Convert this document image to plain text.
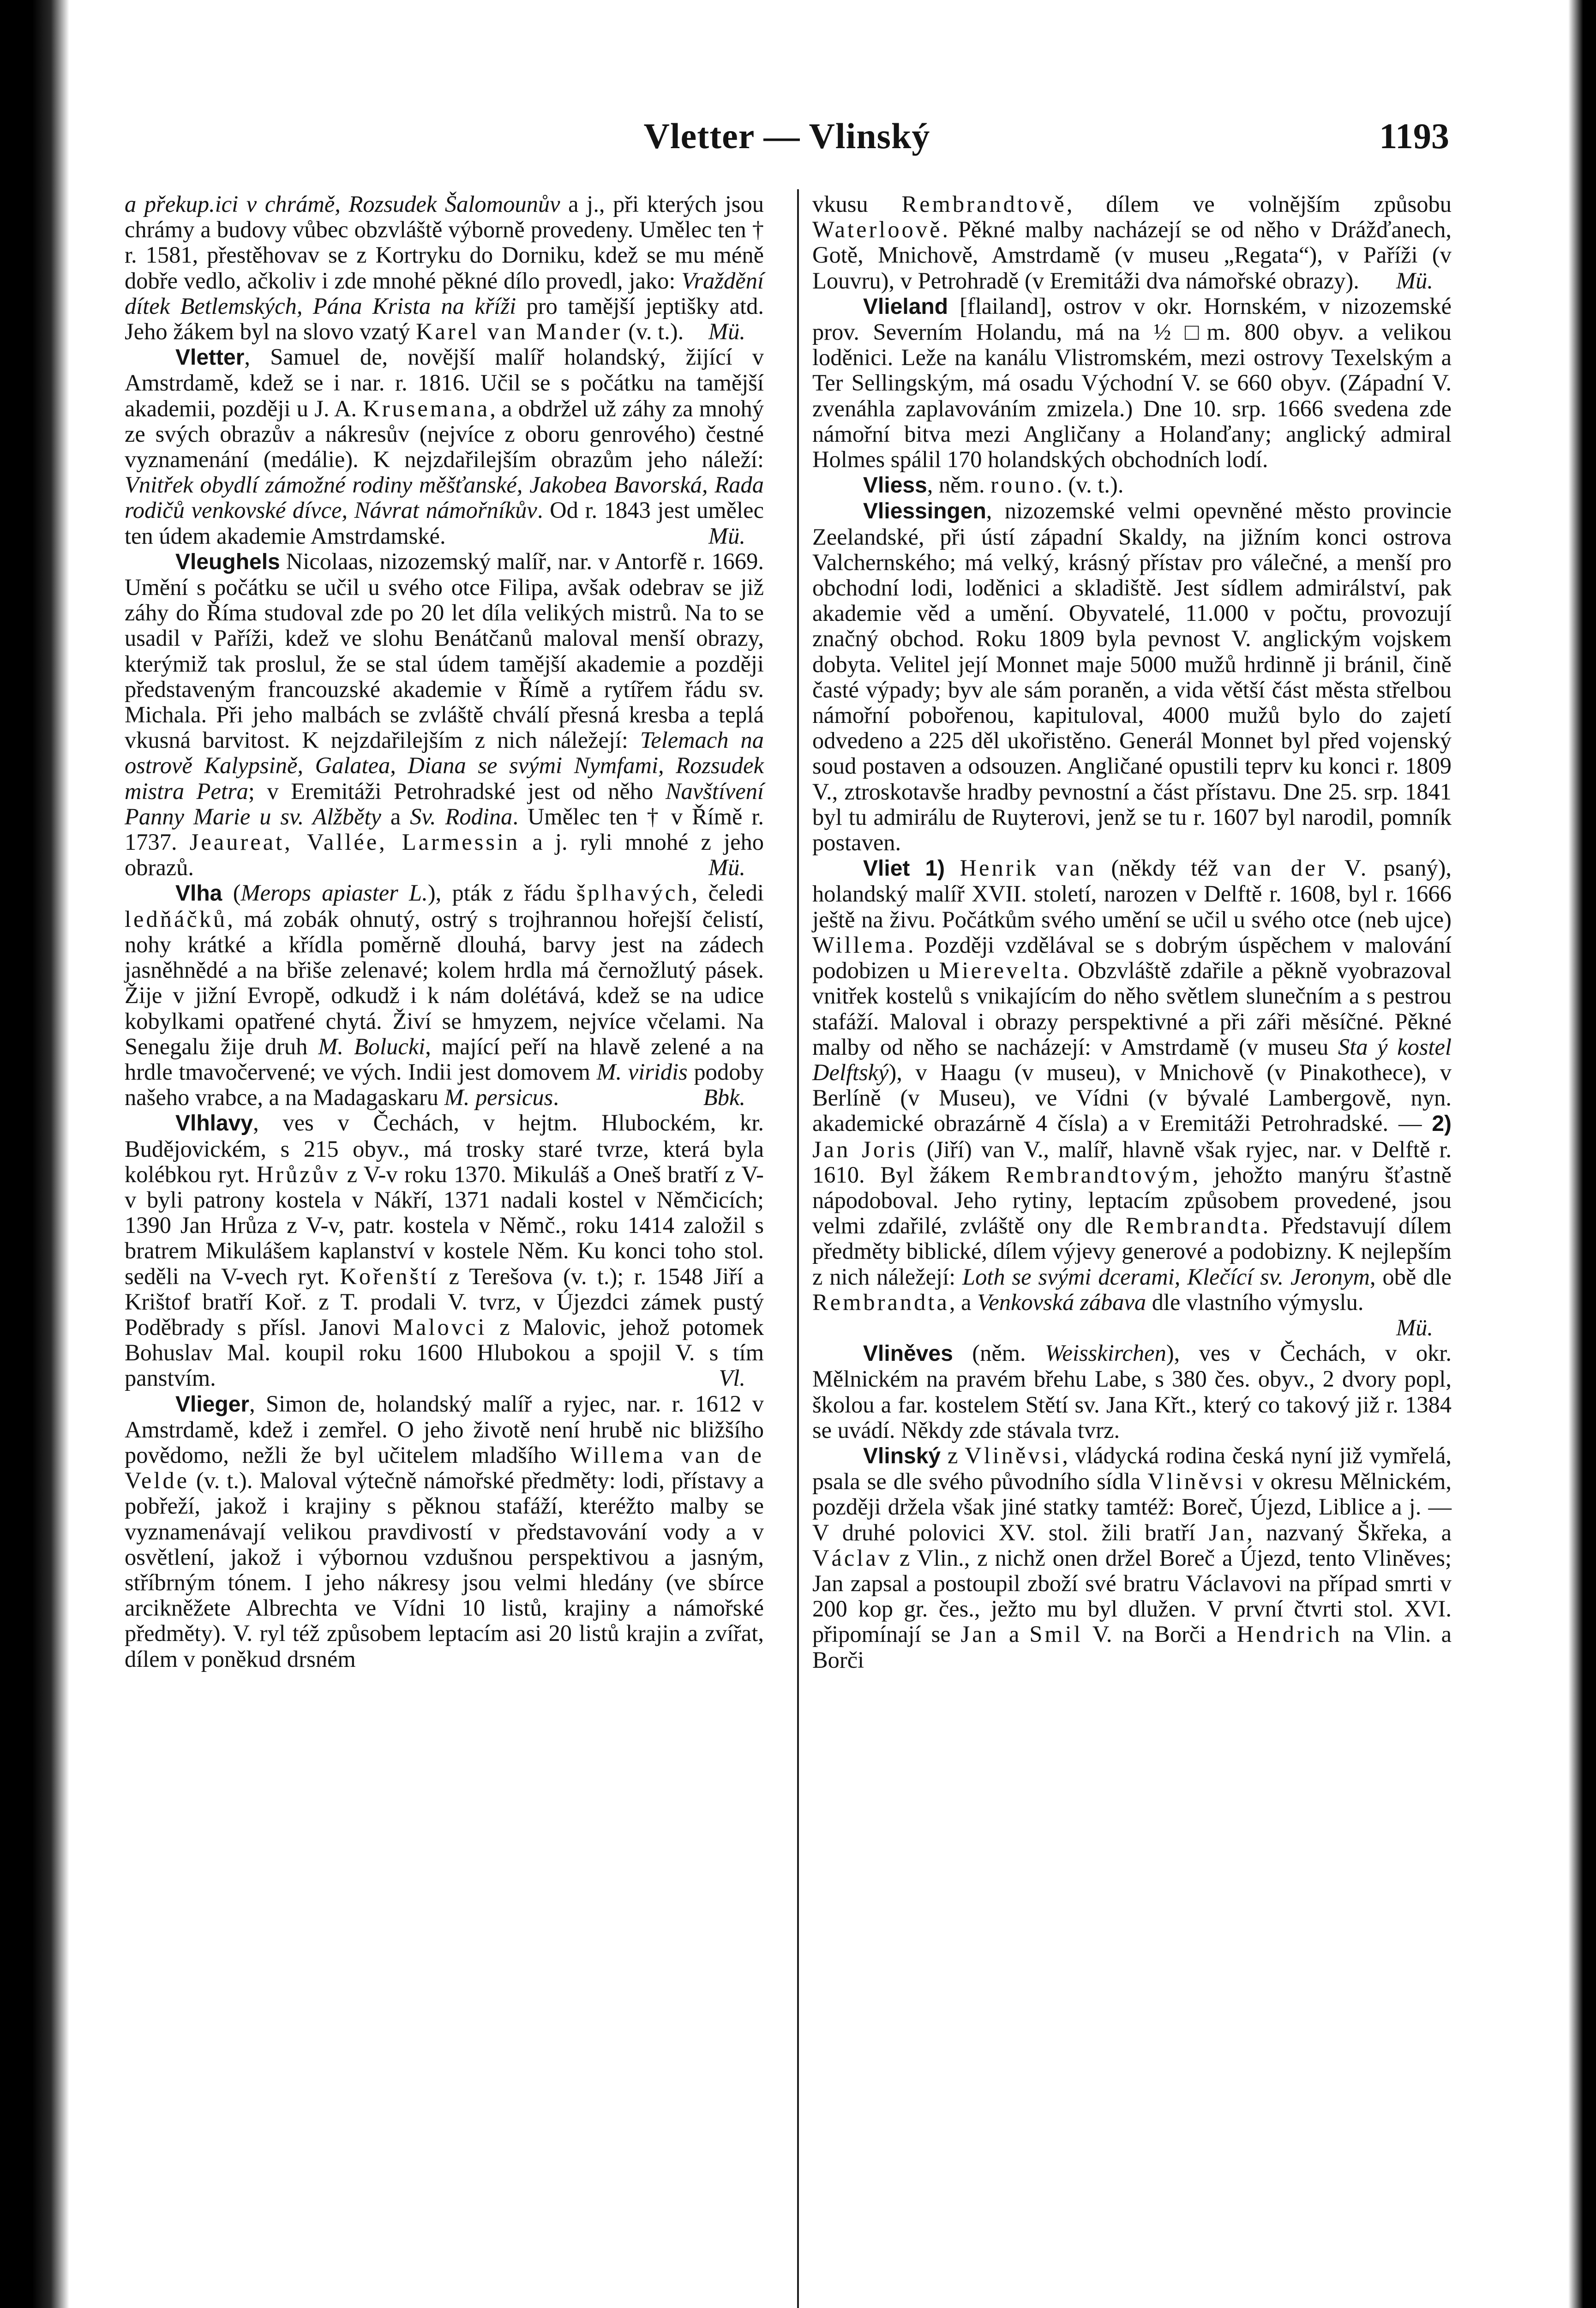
Vletter — Vlinský	1193

a překup.ici v chrámě, Rozsudek Šalomounův a j., při kterých jsou chrámy a budovy vůbec obzvláště výborně provedeny. Umělec ten † r. 1581, přestěhovav se z Kortryku do Dorniku, kdež se mu méně dobře vedlo, ačkoliv i zde mnohé pěkné dílo provedl, jako: Vraždění dítek Betlemských, Pána Krista na kříži pro tamější jeptišky atd. Jeho žákem byl na slovo vzatý Karel van Mander (v. t.).	Mü.

Vletter, Samuel de, novější malíř holandský, žijící v Amstrdamě, kdež se i nar. r. 1816. Učil se s počátku na tamější akademii, později u J. A. Krusemana, a obdržel už záhy za mnohý ze svých obrazův a nákresův (nejvíce z oboru genrového) čestné vyznamenání (medálie). K nejzdařilejším obrazům jeho náleží: Vnitřek obydlí zámožné rodiny měšťanské, Jakobea Bavorská, Rada rodičů venkovské dívce, Návrat námořníkův. Od r. 1843 jest umělec ten údem akademie Amstrdamské.	Mü.

Vleughels Nicolaas, nizozemský malíř, nar. v Antorfě r. 1669. Umění s počátku se učil u svého otce Filipa, avšak odebrav se již záhy do Říma studoval zde po 20 let díla velikých mistrů. Na to se usadil v Paříži, kdež ve slohu Benátčanů maloval menší obrazy, kterýmiž tak proslul, že se stal údem tamější akademie a později představeným francouzské akademie v Římě a rytířem řádu sv. Michala. Při jeho malbách se zvláště chválí přesná kresba a teplá vkusná barvitost. K nejzdařilejším z nich náležejí: Telemach na ostrově Kalypsině, Galatea, Diana se svými Nymfami, Rozsudek mistra Petra; v Eremitáži Petrohradské jest od něho Navštívení Panny Marie u sv. Alžběty a Sv. Rodina. Umělec ten † v Římě r. 1737. Jeaureat, Vallée, Larmessin a j. ryli mnohé z jeho obrazů.	Mü.

Vlha (Merops apiaster L.), pták z řádu šplhavých, čeledi ledňáčků, má zobák ohnutý, ostrý s trojhrannou hořejší čelistí, nohy krátké a křídla poměrně dlouhá, barvy jest na zádech jasněhnědé a na břiše zelenavé; kolem hrdla má černožlutý pásek. Žije v jižní Evropě, odkudž i k nám dolétává, kdež se na udice kobylkami opatřené chytá. Živí se hmyzem, nejvíce včelami. Na Senegalu žije druh M. Bolucki, mající peří na hlavě zelené a na hrdle tmavočervené; ve vých. Indii jest domovem M. viridis podoby našeho vrabce, a na Madagaskaru M. persicus.	Bbk.

Vlhlavy, ves v Čechách, v hejtm. Hlubockém, kr. Budějovickém, s 215 obyv., má trosky staré tvrze, která byla kolébkou ryt. Hrůzův z V-v roku 1370. Mikuláš a Oneš bratří z V-v byli patrony kostela v Nákří, 1371 nadali kostel v Němčicích; 1390 Jan Hrůza z V-v, patr. kostela v Němč., roku 1414 založil s bratrem Mikulášem kaplanství v kostele Něm. Ku konci toho stol. seděli na V-vech ryt. Kořenští z Terešova (v. t.); r. 1548 Jiří a Krištof bratří Koř. z T. prodali V. tvrz, v Újezdci zámek pustý Poděbrady s přísl. Janovi Malovci z Malovic, jehož potomek Bohuslav Mal. koupil roku 1600 Hlubokou a spojil V. s tím panstvím.	Vl.

Vlieger, Simon de, holandský malíř a ryjec, nar. r. 1612 v Amstrdamě, kdež i zemřel. O jeho životě není hrubě nic bližšího povědomo, nežli že byl učitelem mladšího Willema van de Velde (v. t.). Maloval výtečně námořské předměty: lodi, přístavy a pobřeží, jakož i krajiny s pěknou stafáží, kteréžto malby se vyznamenávají velikou pravdivostí v představování vody a v osvětlení, jakož i výbornou vzdušnou perspektivou a jasným, stříbrným tónem. I jeho nákresy jsou velmi hledány (ve sbírce arcikněžete Albrechta ve Vídni 10 listů, krajiny a námořské předměty). V. ryl též způsobem leptacím asi 20 listů krajin a zvířat, dílem v poněkud drsném

vkusu Rembrandtově, dílem ve volnějším způsobu Waterloově. Pěkné malby nacházejí se od něho v Drážďanech, Gotě, Mnichově, Amstrdamě (v museu „Regata“), v Paříži (v Louvru), v Petrohradě (v Eremitáži dva námořské obrazy).	Mü.

Vlieland [flailand], ostrov v okr. Hornském, v nizozemské prov. Severním Holandu, má na ½ □m. 800 obyv. a velikou loděnici. Leže na kanálu Vlistromském, mezi ostrovy Texelským a Ter Sellingským, má osadu Východní V. se 660 obyv. (Západní V. zvenáhla zaplavováním zmizela.) Dne 10. srp. 1666 svedena zde námořní bitva mezi Angličany a Holanďany; anglický admiral Holmes spálil 170 holandských obchodních lodí.

Vliess, něm. rouno. (v. t.).

Vliessingen, nizozemské velmi opevněné město provincie Zeelandské, při ústí západní Skaldy, na jižním konci ostrova Valchernského; má velký, krásný přístav pro válečné, a menší pro obchodní lodi, loděnici a skladiště. Jest sídlem admirálství, pak akademie věd a umění. Obyvatelé, 11.000 v počtu, provozují značný obchod. Roku 1809 byla pevnost V. anglickým vojskem dobyta. Velitel její Monnet maje 5000 mužů hrdinně ji bránil, čině časté výpady; byv ale sám poraněn, a vida větší část města střelbou námořní pobořenou, kapituloval, 4000 mužů bylo do zajetí odvedeno a 225 děl ukořistěno. Generál Monnet byl před vojenský soud postaven a odsouzen. Angličané opustili teprv ku konci r. 1809 V., ztroskotavše hradby pevnostní a část přístavu. Dne 25. srp. 1841 byl tu admirálu de Ruyterovi, jenž se tu r. 1607 byl narodil, pomník postaven.

Vliet 1) Henrik van (někdy též van der V. psaný), holandský malíř XVII. století, narozen v Delftě r. 1608, byl r. 1666 ještě na živu. Počátkům svého umění se učil u svého otce (neb ujce) Willema. Později vzdělával se s dobrým úspěchem v malování podobizen u Mierevelta. Obzvláště zdařile a pěkně vyobrazoval vnitřek kostelů s vnikajícím do něho světlem slunečním a s pestrou stafáží. Maloval i obrazy perspektivné a při záři měsíčné. Pěkné malby od něho se nacházejí: v Amstrdamě (v museu Sta ý kostel Delftský), v Haagu (v museu), v Mnichově (v Pinakothece), v Berlíně (v Museu), ve Vídni (v bývalé Lambergově, nyn. akademické obrazárně 4 čísla) a v Eremitáži Petrohradské. — 2) Jan Joris (Jiří) van V., malíř, hlavně však ryjec, nar. v Delftě r. 1610. Byl žákem Rembrandtovým, jehožto manýru šťastně nápodoboval. Jeho rytiny, leptacím způsobem provedené, jsou velmi zdařilé, zvláště ony dle Rembrandta. Představují dílem předměty biblické, dílem výjevy generové a podobizny. K nejlepším z nich náležejí: Loth se svými dcerami, Klečící sv. Jeronym, obě dle Rembrandta, a Venkovská zábava dle vlastního výmyslu.
Mü.

Vliněves (něm. Weisskirchen), ves v Čechách, v okr. Mělnickém na pravém břehu Labe, s 380 čes. obyv., 2 dvory popl, školou a far. kostelem Stětí sv. Jana Křt., který co takový již r. 1384 se uvádí. Někdy zde stávala tvrz.

Vlinský z Vliněvsi, vládycká rodina česká nyní již vymřelá, psala se dle svého původního sídla Vliněvsi v okresu Mělnickém, později držela však jiné statky tamtéž: Boreč, Újezd, Liblice a j. — V druhé polovici XV. stol. žili bratří Jan, nazvaný Škřeka, a Václav z Vlin., z nichž onen držel Boreč a Újezd, tento Vliněves; Jan zapsal a postoupil zboží své bratru Václavovi na případ smrti v 200 kop gr. čes., ježto mu byl dlužen. V první čtvrti stol. XVI. připomínají se Jan a Smil V. na Borči a Hendrich na Vlin. a Borči
